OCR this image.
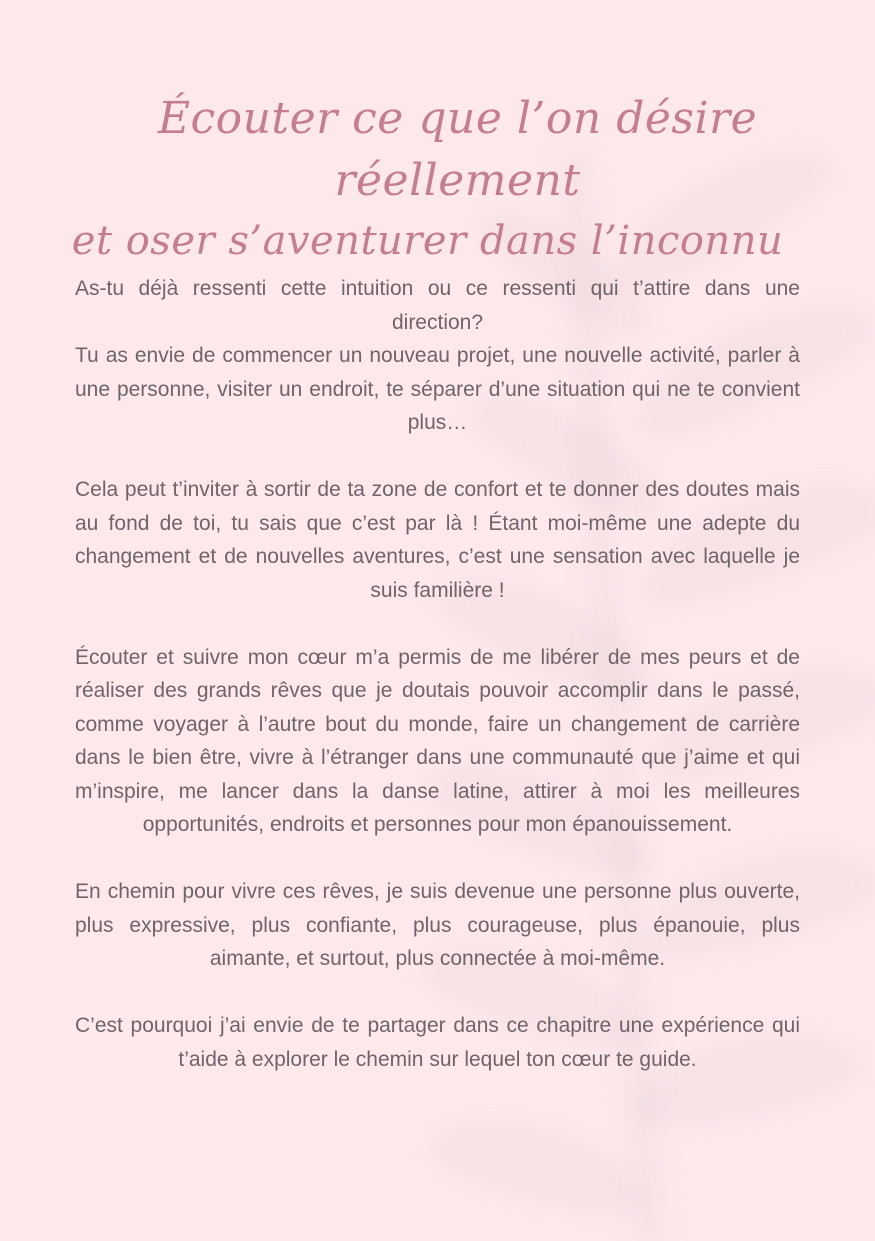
Écouter ce que l’on désire réellement
et oser s’aventurer dans l’inconnu

As-tu déjà ressenti cette intuition ou ce ressenti qui t’attire dans une direction?

Tu as envie de commencer un nouveau projet, une nouvelle activité, parler à une personne, visiter un endroit, te séparer d’une situation qui ne te convient plus…

Cela peut t’inviter à sortir de ta zone de confort et te donner des doutes mais au fond de toi, tu sais que c’est par là ! Étant moi-même une adepte du changement et de nouvelles aventures, c’est une sensation avec laquelle je suis familière !

Écouter et suivre mon cœur m’a permis de me libérer de mes peurs et de réaliser des grands rêves que je doutais pouvoir accomplir dans le passé, comme voyager à l’autre bout du monde, faire un changement de carrière dans le bien être, vivre à l’étranger dans une communauté que j’aime et qui m’inspire, me lancer dans la danse latine, attirer à moi les meilleures opportunités, endroits et personnes pour mon épanouissement.

En chemin pour vivre ces rêves, je suis devenue une personne plus ouverte, plus expressive, plus confiante, plus courageuse, plus épanouie, plus aimante, et surtout, plus connectée à moi-même.

C’est pourquoi j’ai envie de te partager dans ce chapitre une expérience qui t’aide à explorer le chemin sur lequel ton cœur te guide.
